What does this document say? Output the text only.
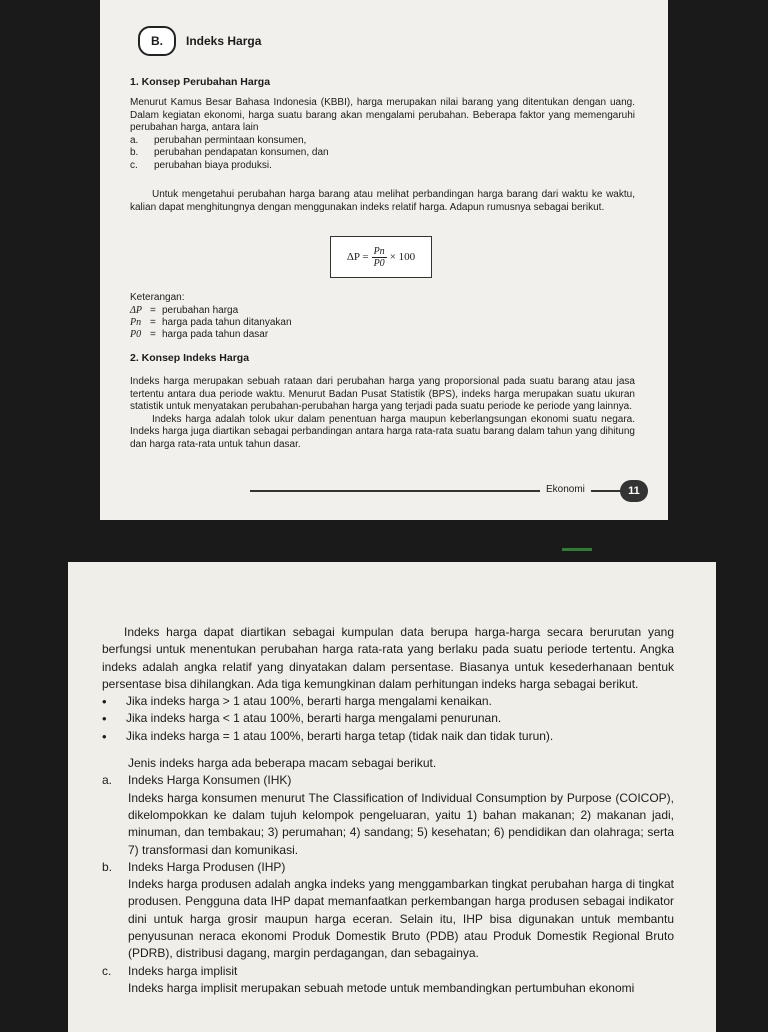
B.	Indeks Harga
1. Konsep Perubahan Harga

Menurut Kamus Besar Bahasa Indonesia (KBBI), harga merupakan nilai barang yang ditentukan dengan uang. Dalam kegiatan ekonomi, harga suatu barang akan mengalami perubahan. Beberapa faktor yang memengaruhi perubahan harga, antara lain

a.	perubahan permintaan konsumen,
b.	perubahan pendapatan konsumen, dan
c.	perubahan biaya produksi.

Untuk mengetahui perubahan harga barang atau melihat perbandingan harga barang dari waktu ke waktu, kalian dapat menghitungnya dengan menggunakan indeks relatif harga. Adapun rumusnya sebagai berikut.

$\Delta P = \frac{Pn}{P0} \times 100$
Keterangan:
ΔP = perubahan harga
Pn = harga pada tahun ditanyakan
P0 = harga pada tahun dasar
2. Konsep Indeks Harga

Indeks harga merupakan sebuah rataan dari perubahan harga yang proporsional pada suatu barang atau jasa tertentu antara dua periode waktu. Menurut Badan Pusat Statistik (BPS), indeks harga merupakan suatu ukuran statistik untuk menyatakan perubahan-perubahan harga yang terjadi pada suatu periode ke periode yang lainnya.

Indeks harga adalah tolok ukur dalam penentuan harga maupun keberlangsungan ekonomi suatu negara. Indeks harga juga diartikan sebagai perbandingan antara harga rata-rata suatu barang dalam tahun yang dihitung dan harga rata-rata untuk tahun dasar.

Ekonomi	11

Indeks harga dapat diartikan sebagai kumpulan data berupa harga-harga secara berurutan yang berfungsi untuk menentukan perubahan harga rata-rata yang berlaku pada suatu periode tertentu. Angka indeks adalah angka relatif yang dinyatakan dalam persentase. Biasanya untuk kesederhanaan bentuk persentase bisa dihilangkan. Ada tiga kemungkinan dalam perhitungan indeks harga sebagai berikut.

•	Jika indeks harga > 1 atau 100%, berarti harga mengalami kenaikan.
•	Jika indeks harga < 1 atau 100%, berarti harga mengalami penurunan.
•	Jika indeks harga = 1 atau 100%, berarti harga tetap (tidak naik dan tidak turun).

Jenis indeks harga ada beberapa macam sebagai berikut.

a.	Indeks Harga Konsumen (IHK)

Indeks harga konsumen menurut The Classification of Individual Consumption by Purpose (COICOP), dikelompokkan ke dalam tujuh kelompok pengeluaran, yaitu 1) bahan makanan; 2) makanan jadi, minuman, dan tembakau; 3) perumahan; 4) sandang; 5) kesehatan; 6) pendidikan dan olahraga; serta 7) transformasi dan komunikasi.

b.	Indeks Harga Produsen (IHP)

Indeks harga produsen adalah angka indeks yang menggambarkan tingkat perubahan harga di tingkat produsen. Pengguna data IHP dapat memanfaatkan perkembangan harga produsen sebagai indikator dini untuk harga grosir maupun harga eceran. Selain itu, IHP bisa digunakan untuk membantu penyusunan neraca ekonomi Produk Domestik Bruto (PDB) atau Produk Domestik Regional Bruto (PDRB), distribusi dagang, margin perdagangan, dan sebagainya.

c.	Indeks harga implisit

Indeks harga implisit merupakan sebuah metode untuk membandingkan pertumbuhan ekonomi
